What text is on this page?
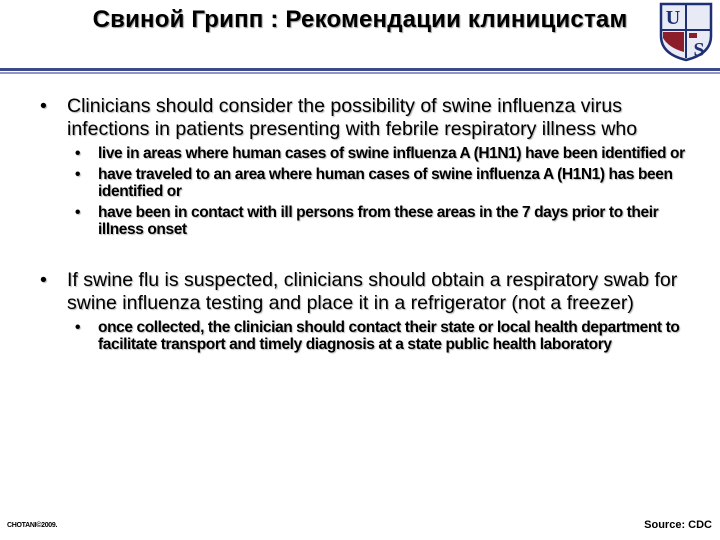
Свиной Грипп : Рекомендации клиницистам	U
S
• Clinicians should consider the possibility of swine influenza virus infections in patients presenting with febrile respiratory illness who
• live in areas where human cases of swine influenza A (H1N1) have been identified or
• have traveled to an area where human cases of swine influenza A (H1N1) has been identified or
• have been in contact with ill persons from these areas in the 7 days prior to their illness onset
• If swine flu is suspected, clinicians should obtain a respiratory swab for swine influenza testing and place it in a refrigerator (not a freezer)
• once collected, the clinician should contact their state or local health department to facilitate transport and timely diagnosis at a state public health laboratory
CHOTANI©2009.	Source: CDC
